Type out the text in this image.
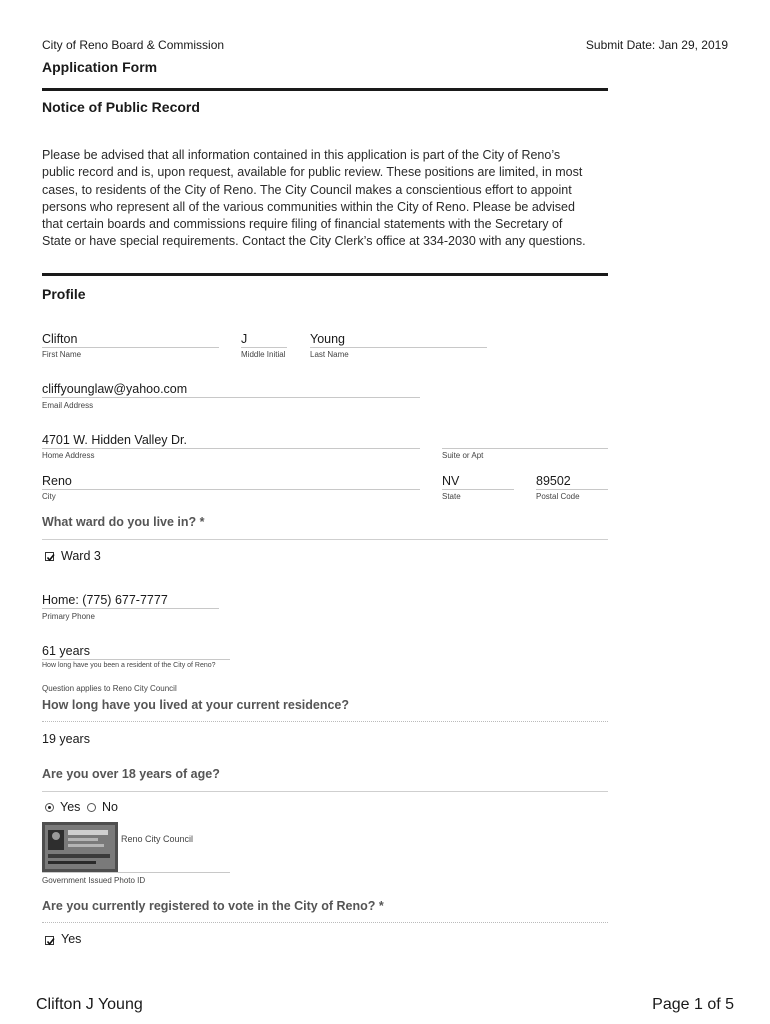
City of Reno Board & Commission	Submit Date: Jan 29, 2019
Application Form
Notice of Public Record
Please be advised that all information contained in this application is part of the City of Reno’s
public record and is, upon request, available for public review. These positions are limited, in most
cases, to residents of the City of Reno. The City Council makes a conscientious effort to appoint
persons who represent all of the various communities within the City of Reno. Please be advised
that certain boards and commissions require filing of financial statements with the Secretary of
State or have special requirements. Contact the City Clerk’s office at 334-2030 with any questions.
Profile
Clifton
First Name
J
Middle Initial
Young
Last Name
cliffyounglaw@yahoo.com
Email Address
4701 W. Hidden Valley Dr.
Home Address	Suite or Apt
Reno
City
NV
State
89502
Postal Code
What ward do you live in? *
Ward 3
Home: (775) 677-7777
Primary Phone
61 years
How long have you been a resident of the City of Reno?
Question applies to Reno City Council
How long have you lived at your current residence?
19 years
Are you over 18 years of age?
Yes No
Reno City Council
Government Issued Photo ID
Are you currently registered to vote in the City of Reno? *
Yes
Clifton J Young	Page 1 of 5
